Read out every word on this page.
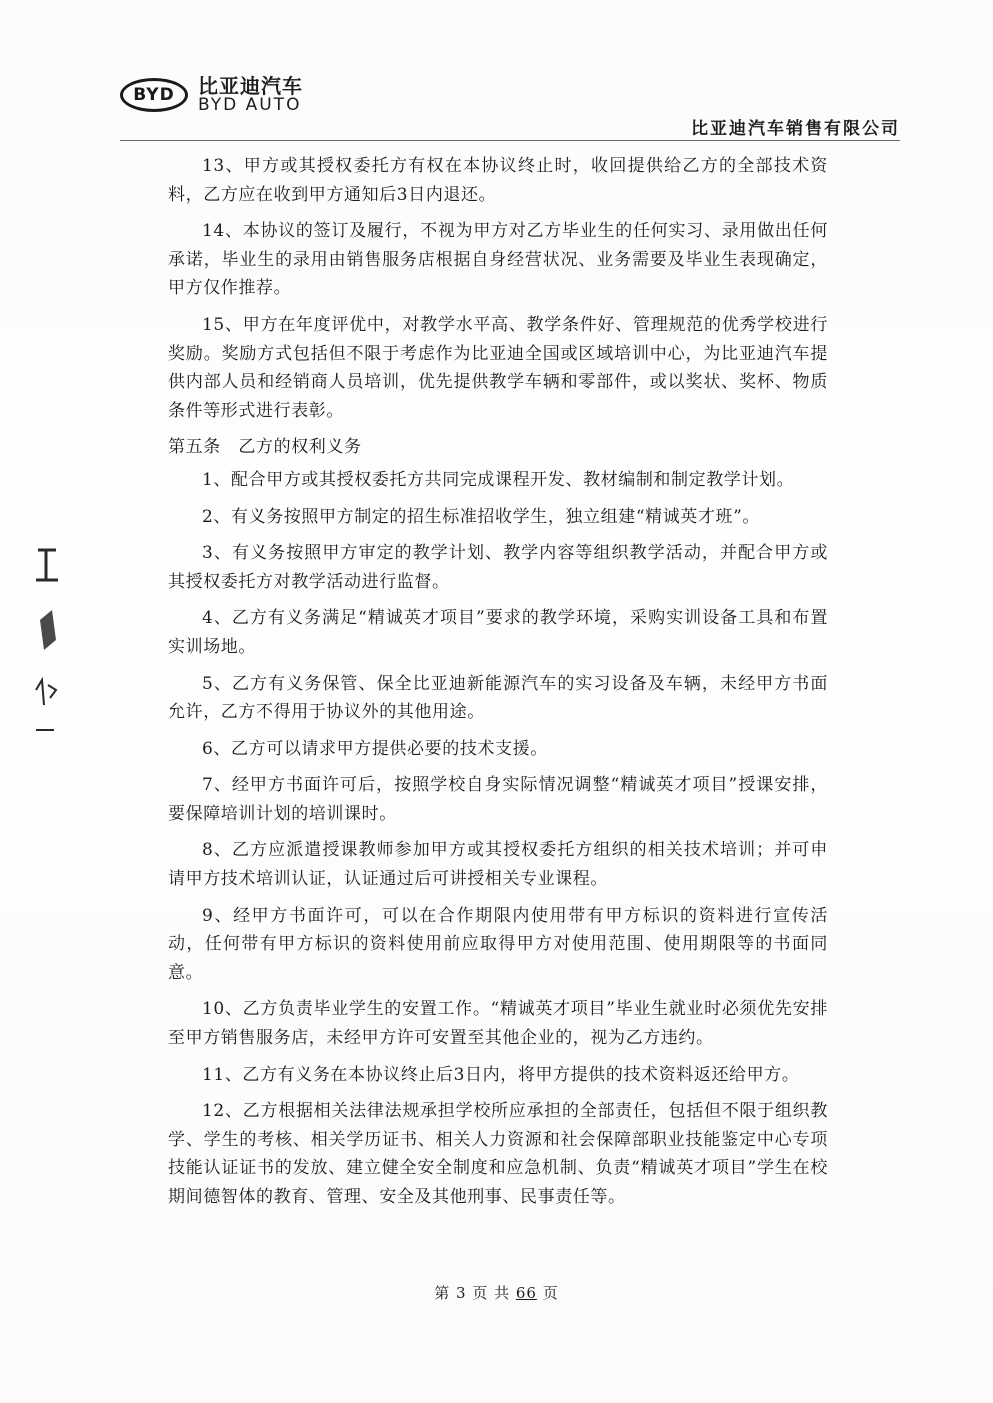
BYD	比亚迪汽车
BYD AUTO
比亚迪汽车销售有限公司

13、甲方或其授权委托方有权在本协议终止时，收回提供给乙方的全部技术资料，乙方应在收到甲方通知后3日内退还。

14、本协议的签订及履行，不视为甲方对乙方毕业生的任何实习、录用做出任何承诺，毕业生的录用由销售服务店根据自身经营状况、业务需要及毕业生表现确定，甲方仅作推荐。

15、甲方在年度评优中，对教学水平高、教学条件好、管理规范的优秀学校进行奖励。奖励方式包括但不限于考虑作为比亚迪全国或区域培训中心，为比亚迪汽车提供内部人员和经销商人员培训，优先提供教学车辆和零部件，或以奖状、奖杯、物质条件等形式进行表彰。

第五条　乙方的权利义务

1、配合甲方或其授权委托方共同完成课程开发、教材编制和制定教学计划。

2、有义务按照甲方制定的招生标准招收学生，独立组建“精诚英才班”。

3、有义务按照甲方审定的教学计划、教学内容等组织教学活动，并配合甲方或其授权委托方对教学活动进行监督。

4、乙方有义务满足“精诚英才项目”要求的教学环境，采购实训设备工具和布置实训场地。

5、乙方有义务保管、保全比亚迪新能源汽车的实习设备及车辆，未经甲方书面允许，乙方不得用于协议外的其他用途。

6、乙方可以请求甲方提供必要的技术支援。

7、经甲方书面许可后，按照学校自身实际情况调整“精诚英才项目”授课安排，要保障培训计划的培训课时。

8、乙方应派遣授课教师参加甲方或其授权委托方组织的相关技术培训；并可申请甲方技术培训认证，认证通过后可讲授相关专业课程。

9、经甲方书面许可，可以在合作期限内使用带有甲方标识的资料进行宣传活动，任何带有甲方标识的资料使用前应取得甲方对使用范围、使用期限等的书面同意。

10、乙方负责毕业学生的安置工作。“精诚英才项目”毕业生就业时必须优先安排至甲方销售服务店，未经甲方许可安置至其他企业的，视为乙方违约。

11、乙方有义务在本协议终止后3日内，将甲方提供的技术资料返还给甲方。

12、乙方根据相关法律法规承担学校所应承担的全部责任，包括但不限于组织教学、学生的考核、相关学历证书、相关人力资源和社会保障部职业技能鉴定中心专项技能认证证书的发放、建立健全安全制度和应急机制、负责“精诚英才项目”学生在校期间德智体的教育、管理、安全及其他刑事、民事责任等。

第 3 页 共 66 页
